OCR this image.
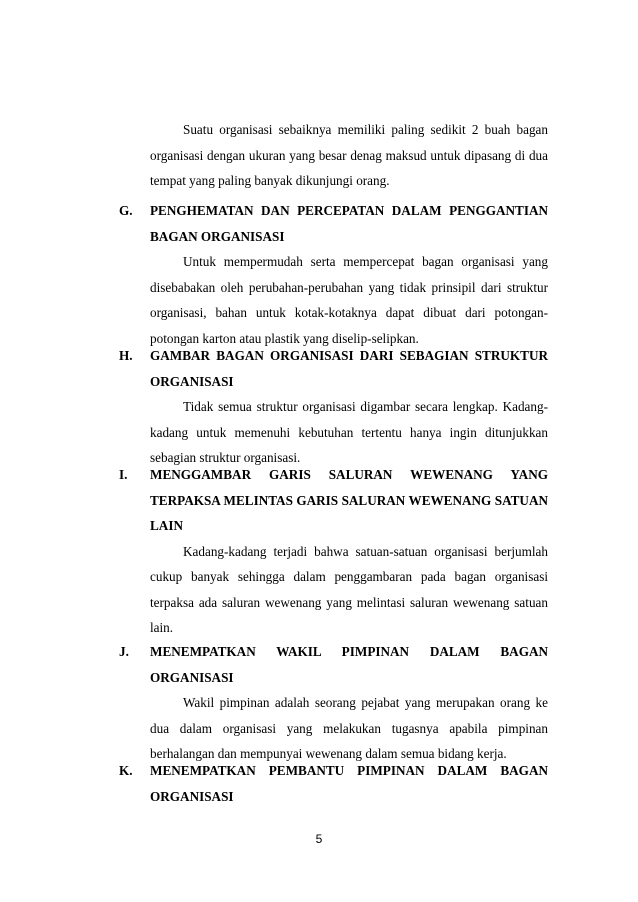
Suatu organisasi sebaiknya memiliki paling sedikit 2 buah bagan organisasi dengan ukuran yang besar denag maksud untuk dipasang di dua tempat yang paling banyak dikunjungi orang.

G. PENGHEMATAN DAN PERCEPATAN DALAM PENGGANTIAN

BAGAN ORGANISASI

Untuk mempermudah serta mempercepat bagan organisasi yang disebabakan oleh perubahan-perubahan yang tidak prinsipil dari struktur organisasi, bahan untuk kotak-kotaknya dapat dibuat dari potongan-potongan karton atau plastik yang diselip-selipkan.

H. GAMBAR BAGAN ORGANISASI DARI SEBAGIAN STRUKTUR

ORGANISASI

Tidak semua struktur organisasi digambar secara lengkap. Kadang-kadang untuk memenuhi kebutuhan tertentu hanya ingin ditunjukkan sebagian struktur organisasi.

I. MENGGAMBAR GARIS SALURAN WEWENANG YANG

TERPAKSA MELINTAS GARIS SALURAN WEWENANG SATUAN

LAIN

Kadang-kadang terjadi bahwa satuan-satuan organisasi berjumlah cukup banyak sehingga dalam penggambaran pada bagan organisasi terpaksa ada saluran wewenang yang melintasi saluran wewenang satuan lain.

J. MENEMPATKAN WAKIL PIMPINAN DALAM BAGAN

ORGANISASI

Wakil pimpinan adalah seorang pejabat yang merupakan orang ke dua dalam organisasi yang melakukan tugasnya apabila pimpinan berhalangan dan mempunyai wewenang dalam semua bidang kerja.

K. MENEMPATKAN PEMBANTU PIMPINAN DALAM BAGAN

ORGANISASI

5
